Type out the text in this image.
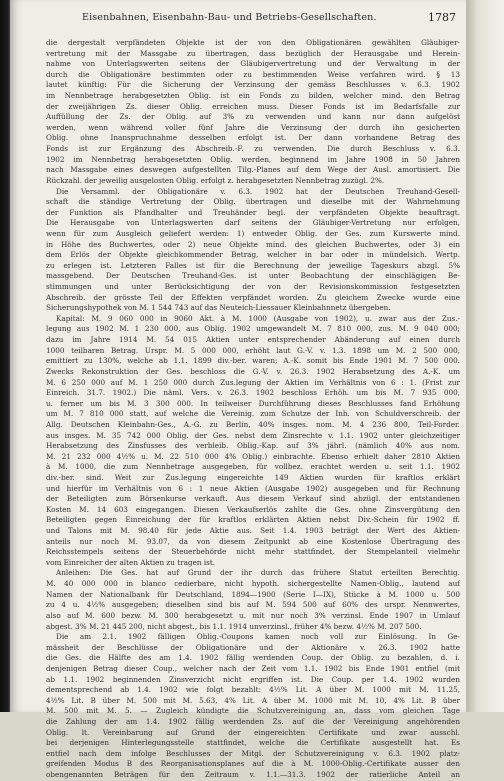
Eisenbahnen, Eisenbahn-Bau- und Betriebs-Gesellschaften.	1787
die dergestalt verpfändeten Objekte ist der von den Obligationären gewählten Gläubiger-
vertretung mit der Massgabe zu übertragen, dass bezüglich der Herausgabe und Herein-
nahme von Unterlagswerten seitens der Gläubigervertretung und der Verwaltung in der
durch die Obligationäre bestimmten oder zu bestimmenden Weise verfahren wird. § 13
lautet künftig: Für die Sicherung der Verzinsung der gemäss Beschlusses v. 6.3. 1902
im Nennbetrage herabgesetzten Oblig. ist ein Fonds zu bilden, welcher mind. den Betrag
der zweijährigen Zs. dieser Oblig. erreichen muss. Dieser Fonds ist im Bedarfsfalle zur
Auffüllung der Zs. der Oblig. auf 3% zu verwenden und kann nur dann aufgelöst
werden, wenn während voller fünf Jahre die Verzinsung der durch ihn gesicherten
Oblig. ohne Inanspruchnahme desselben erfolgt ist. Der dann vorhandene Betrag des
Fonds ist zur Ergänzung des Abschreib.-F. zu verwenden. Die durch Beschluss v. 6.3.
1902 im Nennbetrag herabgesetzten Oblig. werden, beginnend im Jahre 1908 in 50 Jahren
nach Massgabe eines deswegen aufgestellten Tilg.-Planes auf dem Wege der Ausl. amortisiert. Die
Rückzahl. der jeweilig ausgelosten Oblig. erfolgt z. herabgesetzten Nennbetrag zuzügl. 2%.
Die Versamml. der Obligationäre v. 6.3. 1902 hat der Deutschen Treuhand-Gesell-
schaft die ständige Vertretung der Oblig. übertragen und dieselbe mit der Wahrnehmung
der Funktion als Pfandhalter und Treuhänder begl. der verpfändeten Objekte beauftragt.
Die Herausgabe von Unterlagswerten darf seitens der Gläubiger-Vertretung nur erfolgen,
wenn für zum Ausgleich geliefert werden: 1) entweder Oblig. der Ges. zum Kurswerte mind.
in Höhe des Buchwertes, oder 2) neue Objekte mind. des gleichen Buchwertes, oder 3) ein
dem Erlös der Objekte gleichkommender Betrag, welcher in bar oder in mündelsich. Wertp.
zu erlegen ist. Letzteren Falles ist für die Berechnung der jeweilige Tageskurs abzgl. 5%
massgebend. Der Deutschen Treuhand-Ges. ist unter Beobachtung der einschlägigen Be-
stimmungen und unter Berücksichtigung der von der Revisionskommission festgesetzten
Abschreib. der grösste Teil der Effekten verpfändet worden. Zu gleichem Zwecke wurde eine
Sicherungshypothek von M. 1 544 743 auf das Neuteich-Liessauer Kleinbahnnetz übergeben.
Kapital: M. 9 060 000 in 9060 Akt. à M. 1000 (Ausgabe von 1902), u. zwar aus der Zus.-
legung aus 1902 M. 1 230 000, aus Oblig. 1902 umgewandelt M. 7 810 000, zus. M. 9 040 000;
dazu im Jahre 1914 M. 54 015 Aktien unter entsprechender Abänderung auf einen durch
1000 teilbaren Betrag. Urspr. M. 5 000 000, erhöht laut G.-V. v. 1.3. 1898 um M. 2 500 000,
emittiert zu 130%, welche ab 1.1. 1899 div.-ber. waren; A.-K. somit bis Ende 1901 M. 7 500 000.
Zwecks Rekonstruktion der Ges. beschloss die G.-V. v. 26.3. 1902 Herabsetzung des A.-K. um
M. 6 250 000 auf M. 1 250 000 durch Zus.legung der Aktien im Verhältnis von 6 : 1. (Frist zur
Einreich. 31.7. 1902.) Die näml. Vers. v. 26.3. 1902 beschloss Erhöh. um bis M. 7 935 000,
u. ferner um bis M. 3 300 000. In teilweiser Durchführung dieses Beschlusses fand Erhöhung
um M. 7 810 000 statt, auf welche die Vereinig. zum Schutze der Inh. von Schuldverschreib. der
Allg. Deutschen Kleinbahn-Ges., A.-G. zu Berlin, 40% insges. nom. M. 4 236 800, Teil-Forder.
aus insges. M. 35 742 000 Oblig. der Ges. nebst dem Zinsrechte v. 1.1. 1902 unter gleichzeitiger
Herabsetzung des Zinsfusses des verbleib. Oblig.-Kap. auf 3% jährl. (nämlich 40% aus nom.
M. 21 232 000 4½% u. M. 22 510 000 4% Oblig.) einbrachte. Ebenso erhielt daher 2810 Aktien
à M. 1000, die zum Nennbetrage ausgegeben, für vollbez. erachtet werden u. seit 1.1. 1902
div.-ber. sind. Weit zur Zus.legung eingereichte 149 Aktien wurden für kraftlos erklärt
und hierfür im Verhältnis von 6 : 1 neue Aktien (Ausgabe 1902) ausgegeben und für Rechnung
der Beteiligten zum Börsenkurse verkauft. Aus diesem Verkauf sind abzügl. der entstandenen
Kosten M. 14 603 eingegangen. Diesen Verkaufserlös zahlte die Ges. ohne Zinsvergütung den
Beteiligten gegen Einreichung der für kraftlos erklärten Aktien nebst Div.-Schein für 1902 ff.
und Talons mit M. 98.40 für jede Aktie aus. Seit 1.4. 1903 beträgt der Wert des Aktien-
anteils nur noch M. 93.07, da von diesem Zeitpunkt ab eine Kostenlose Übertragung des
Reichsstempels seitens der Steuerbehörde nicht mehr stattfindet, der Stempelanteil vielmehr
vom Einreicher der alten Aktien zu tragen ist.
Anleihen: Die Ges. hat auf Grund der ihr durch das frühere Statut erteilten Berechtig.
M. 40 000 000 in blanco cedierbare, nicht hypoth. sichergestellte Namen-Oblig., lautend auf
Namen der Nationalbank für Deutschland, 1894—1900 (Serie I—IX), Stücke à M. 1000 u. 500
zu 4 u. 4½% ausgegeben; dieselben sind bis auf M. 594 500 auf 60% des urspr. Nennwertes,
also auf M. 600 bezw. M. 300 herabgesetzt u. mit nur noch 3% verzinsl. Ende 1907 in Umlauf
abgest. 3% M. 21 445 200, nicht abgest., bis 1.1. 1914 unverzinsl., früher 4% bezw. 4½% M. 207 500.
Die am 2.1. 1902 fälligen Oblig.-Coupons kamen noch voll zur Einlösung. In Ge-
mässheit der Beschlüsse der Obligationäre und der Aktionäre v. 26.3. 1902 hatte
die Ges. die Hälfte des am 1.4. 1902 fällig werdenden Coup. der Oblig. zu bezahlen, d. i.
denjenigen Betrag dieser Coup., welcher nach der Zeit vom 1.1. 1902 bis Ende 1901 entfiel (mit
ab 1.1. 1902 beginnenden Zinsverzicht nicht ergriffen ist. Die Coup. per 1.4. 1902 wurden
dementsprechend ab 1.4. 1902 wie folgt bezahlt: 4½% Lit. A über M. 1000 mit M. 11.25,
4½% Lit. B über M. 500 mit M. 5.63, 4% Lit. A über M. 1000 mit M. 10, 4% Lit. B über
M. 500 mit M. 5. — Zugleich kündigte die Schutzvereinigung an, dass vom gleichen Tage
die Zahlung der am 1.4. 1902 fällig werdenden Zs. auf die der Vereinigung angehörenden
Oblig. lt. Vereinbarung auf Grund der eingereichten Certifikate und zwar ausschl.
bei derjenigen Hinterlegungsstelle stattfindet, welche die Certifikate ausgestellt hat. Es
entfiel nach dem infolge Beschlusses der Mitgl. der Schutzvereinigung v. 6.3. 1902 platz-
greifenden Modus B des Reorganisationsplanes auf die à M. 1000-Oblig.-Certifikate ausser den
obengenannten Beträgen für den Zeitraum v. 1.1.—31.3. 1902 der ratierliche Anteil an
